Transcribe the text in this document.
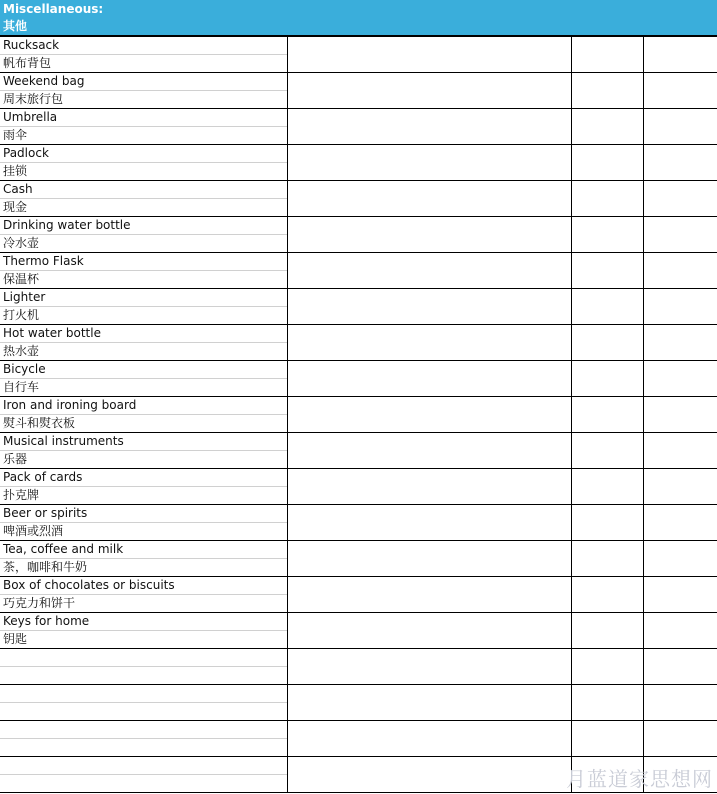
Miscellaneous:
其他
Rucksack
帆布背包			

Weekend bag
周末旅行包			

Umbrella
雨伞			

Padlock
挂锁			

Cash
现金			

Drinking water bottle
冷水壶			

Thermo Flask
保温杯			

Lighter
打火机			

Hot water bottle
热水壶			

Bicycle
自行车			

Iron and ironing board
熨斗和熨衣板			

Musical instruments
乐器			

Pack of cards
扑克牌			

Beer or spirits
啤酒或烈酒			

Tea, coffee and milk
茶，咖啡和牛奶			

Box of chocolates or biscuits
巧克力和饼干			

Keys for home
钥匙			

月蓝道家思想网
